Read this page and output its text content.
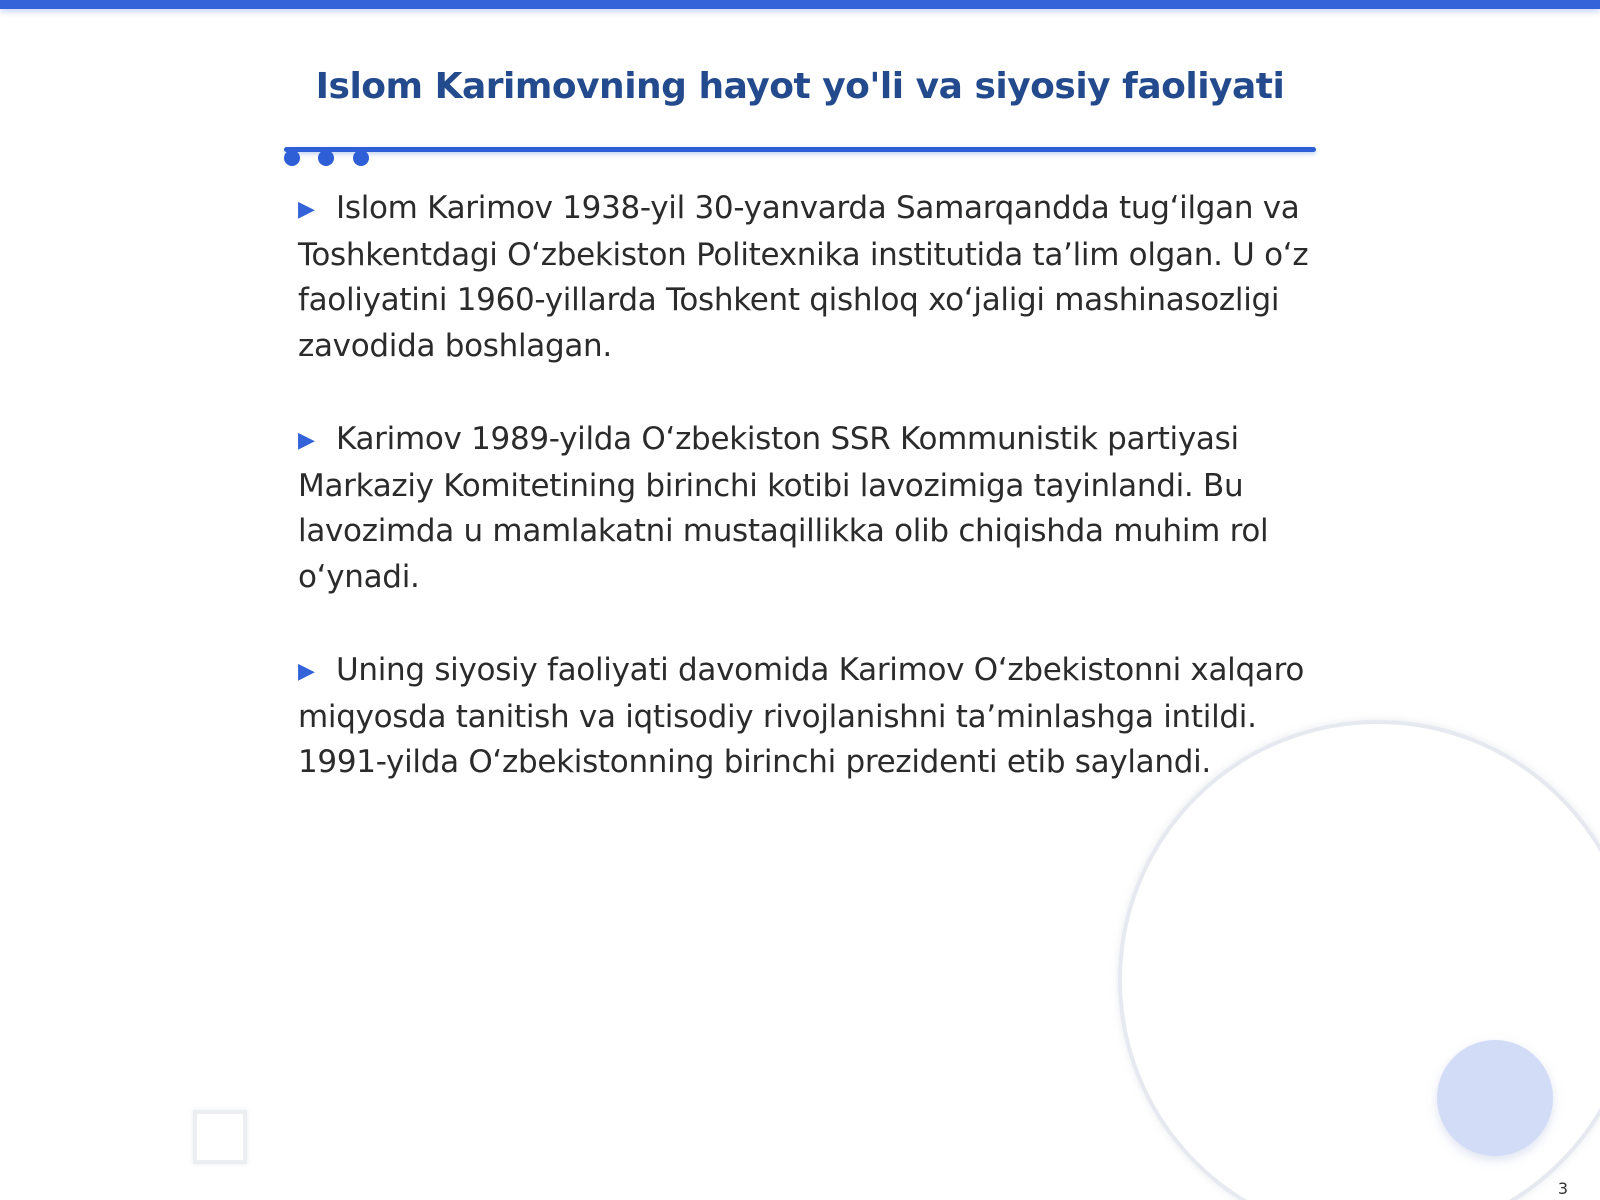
Islom Karimovning hayot yo'li va siyosiy faoliyati

▶ Islom Karimov 1938-yil 30-yanvarda Samarqandda tugʻilgan va Toshkentdagi Oʻzbekiston Politexnika institutida ta’lim olgan. U oʻz faoliyatini 1960-yillarda Toshkent qishloq xoʻjaligi mashinasozligi zavodida boshlagan.

▶ Karimov 1989-yilda Oʻzbekiston SSR Kommunistik partiyasi Markaziy Komitetining birinchi kotibi lavozimiga tayinlandi. Bu lavozimda u mamlakatni mustaqillikka olib chiqishda muhim rol oʻynadi.

▶ Uning siyosiy faoliyati davomida Karimov Oʻzbekistonni xalqaro miqyosda tanitish va iqtisodiy rivojlanishni ta’minlashga intildi. 1991-yilda Oʻzbekistonning birinchi prezidenti etib saylandi.

3
